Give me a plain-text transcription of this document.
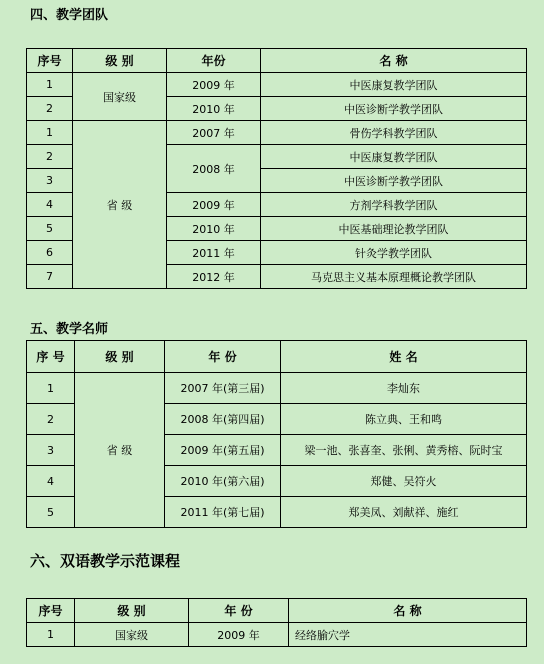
四、教学团队
序号	级 别	年份	名 称
1	国家级	2009 年	中医康复教学团队
2		2010 年	中医诊断学教学团队
1	省 级	2007 年	骨伤学科教学团队
2		2008 年	中医康复教学团队
3			中医诊断学教学团队
4		2009 年	方剂学科教学团队
5		2010 年	中医基础理论教学团队
6		2011 年	针灸学教学团队
7		2012 年	马克思主义基本原理概论教学团队
五、教学名师
序 号	级 别	年 份	姓 名
1	省 级	2007 年(第三届)	李灿东
2		2008 年(第四届)	陈立典、王和鸣
3		2009 年(第五届)	梁一池、张喜奎、张俐、黄秀榕、阮时宝
4		2010 年(第六届)	郑健、吴符火
5		2011 年(第七届)	郑美凤、刘献祥、施红
六、双语教学示范课程
序号	级 别	年 份	名 称
1	国家级	2009 年	经络腧穴学
